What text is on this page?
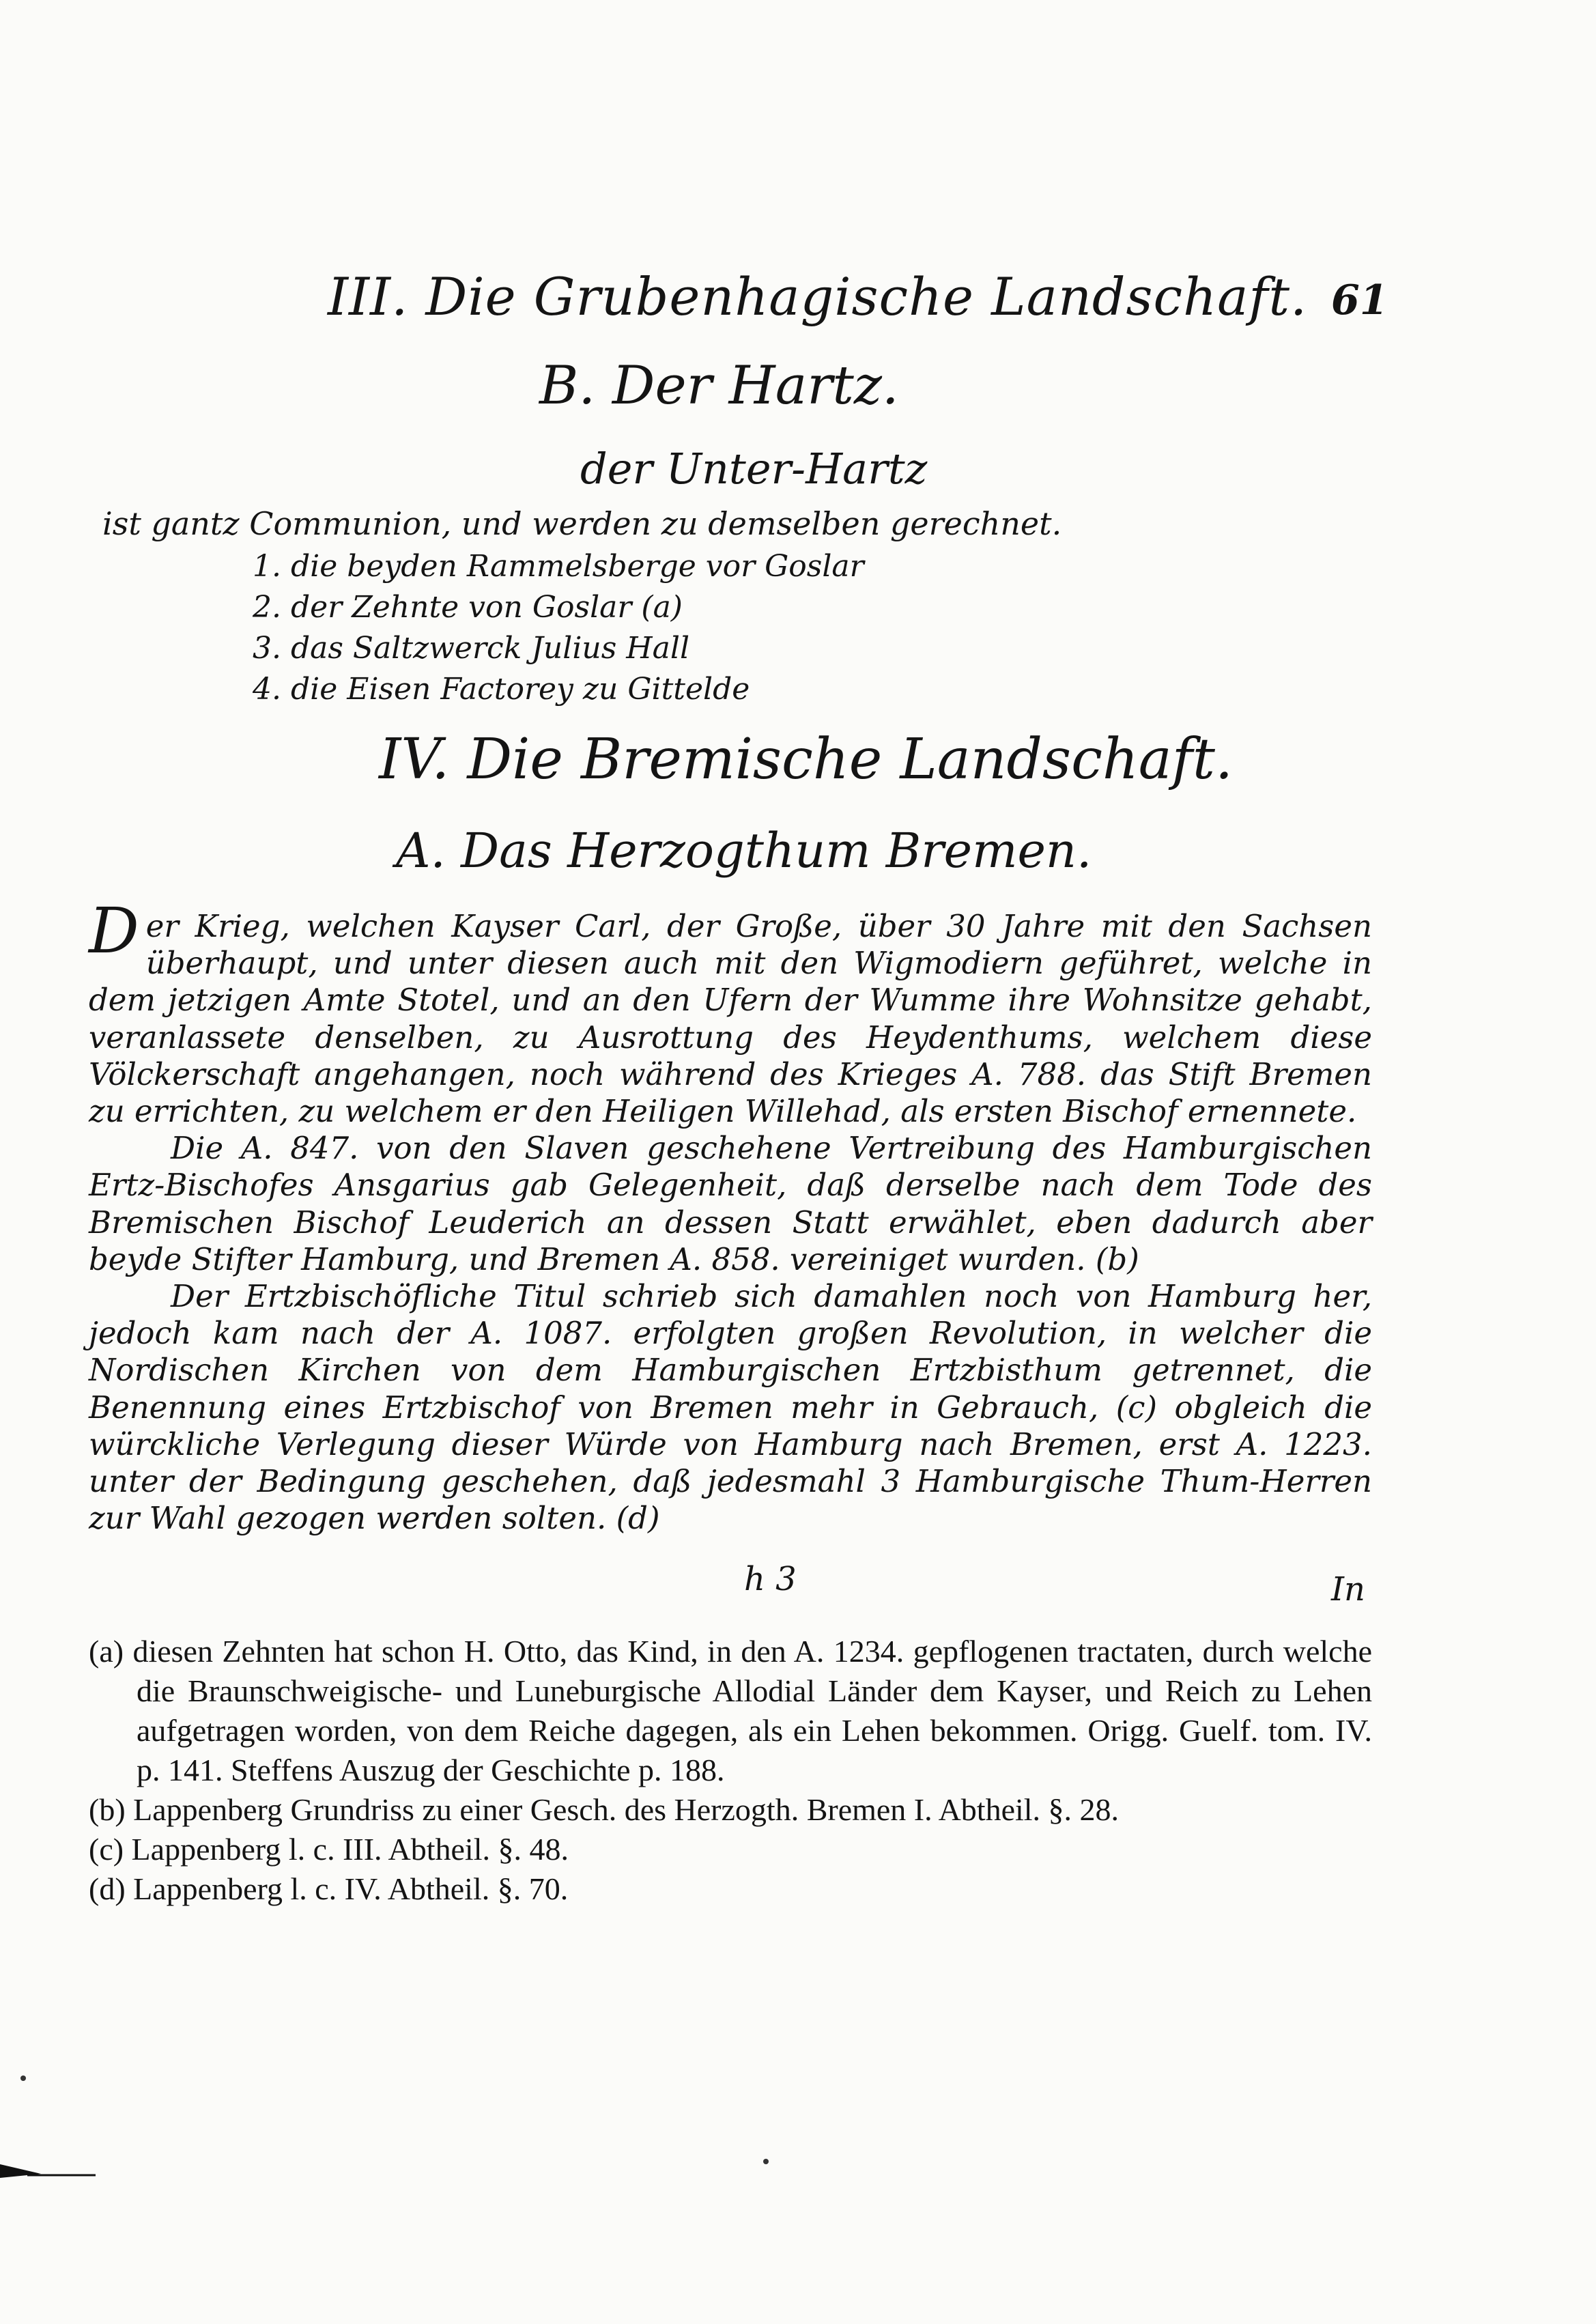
III. Die Grubenhagische Landschaft. 61
B. Der Hartz.
der Unter-Hartz
ist gantz Communion, und werden zu demselben gerechnet.
1. die beyden Rammelsberge vor Goslar
2. der Zehnte von Goslar (a)
3. das Saltzwerck Julius Hall
4. die Eisen Factorey zu Gittelde
IV. Die Bremische Landschaft.
A. Das Herzogthum Bremen.

Der Krieg, welchen Kayser Carl, der Große, über 30 Jahre mit den Sachsen überhaupt, und unter diesen auch mit den Wigmodiern geführet, welche in dem jetzigen Amte Stotel, und an den Ufern der Wumme ihre Wohnsitze gehabt, veranlassete denselben, zu Ausrottung des Heydenthums, welchem diese Völckerschaft angehangen, noch während des Krieges A. 788. das Stift Bremen zu errichten, zu welchem er den Heiligen Willehad, als ersten Bischof ernennete.

Die A. 847. von den Slaven geschehene Vertreibung des Hamburgischen Ertz-Bischofes Ansgarius gab Gelegenheit, daß derselbe nach dem Tode des Bremischen Bischof Leuderich an dessen Statt erwählet, eben dadurch aber beyde Stifter Hamburg, und Bremen A. 858. vereiniget wurden. (b)

Der Ertzbischöfliche Titul schrieb sich damahlen noch von Hamburg her, jedoch kam nach der A. 1087. erfolgten großen Revolution, in welcher die Nordischen Kirchen von dem Hamburgischen Ertzbisthum getrennet, die Benennung eines Ertzbischof von Bremen mehr in Gebrauch, (c) obgleich die würckliche Verlegung dieser Würde von Hamburg nach Bremen, erst A. 1223. unter der Bedingung geschehen, daß jedesmahl 3 Hamburgische Thum-Herren zur Wahl gezogen werden solten. (d)

h 3	In

(a) diesen Zehnten hat schon H. Otto, das Kind, in den A. 1234. gepflogenen tractaten, durch welche die Braunschweigische- und Luneburgische Allodial Länder dem Kayser, und Reich zu Lehen aufgetragen worden, von dem Reiche dagegen, als ein Lehen bekommen. Origg. Guelf. tom. IV. p. 141. Steffens Auszug der Geschichte p. 188.

(b) Lappenberg Grundriss zu einer Gesch. des Herzogth. Bremen I. Abtheil. §. 28.

(c) Lappenberg l. c. III. Abtheil. §. 48.

(d) Lappenberg l. c. IV. Abtheil. §. 70.
